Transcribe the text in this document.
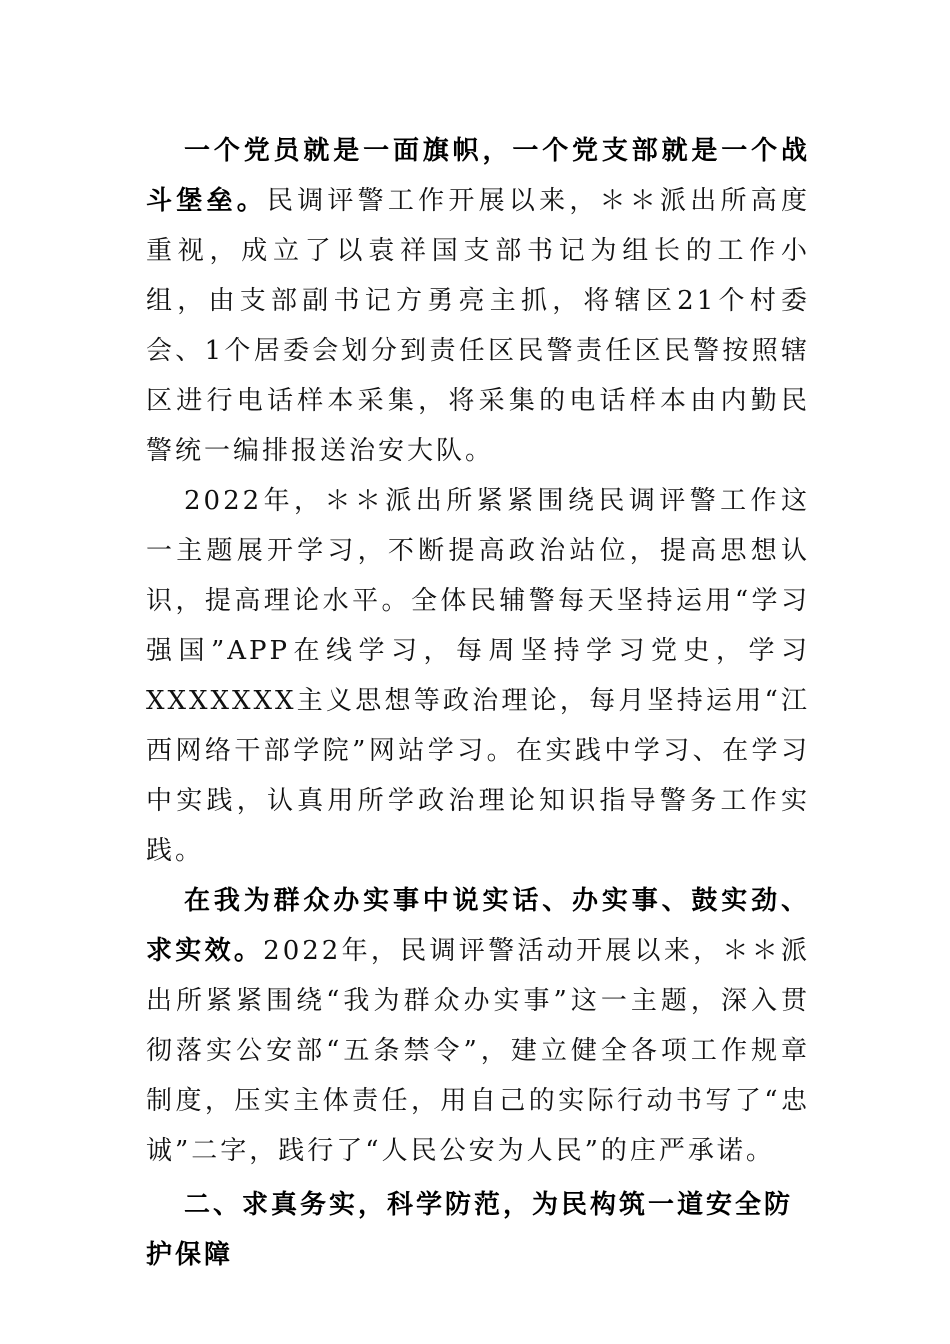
一个党员就是一面旗帜，一个党支部就是一个战斗堡垒。民调评警工作开展以来，＊＊派出所高度重视，成立了以袁祥国支部书记为组长的工作小组，由支部副书记方勇亮主抓，将辖区21个村委会、1个居委会划分到责任区民警责任区民警按照辖区进行电话样本采集，将采集的电话样本由内勤民警统一编排报送治安大队。

2022年，＊＊派出所紧紧围绕民调评警工作这一主题展开学习，不断提高政治站位，提高思想认识，提高理论水平。全体民辅警每天坚持运用“学习强国”APP在线学习，每周坚持学习党史，学习XXXXXXX主义思想等政治理论，每月坚持运用“江西网络干部学院”网站学习。在实践中学习、在学习中实践，认真用所学政治理论知识指导警务工作实践。

在我为群众办实事中说实话、办实事、鼓实劲、求实效。2022年，民调评警活动开展以来，＊＊派出所紧紧围绕“我为群众办实事”这一主题，深入贯彻落实公安部“五条禁令”，建立健全各项工作规章制度，压实主体责任，用自己的实际行动书写了“忠诚”二字，践行了“人民公安为人民”的庄严承诺。

二、求真务实，科学防范，为民构筑一道安全防护保障
